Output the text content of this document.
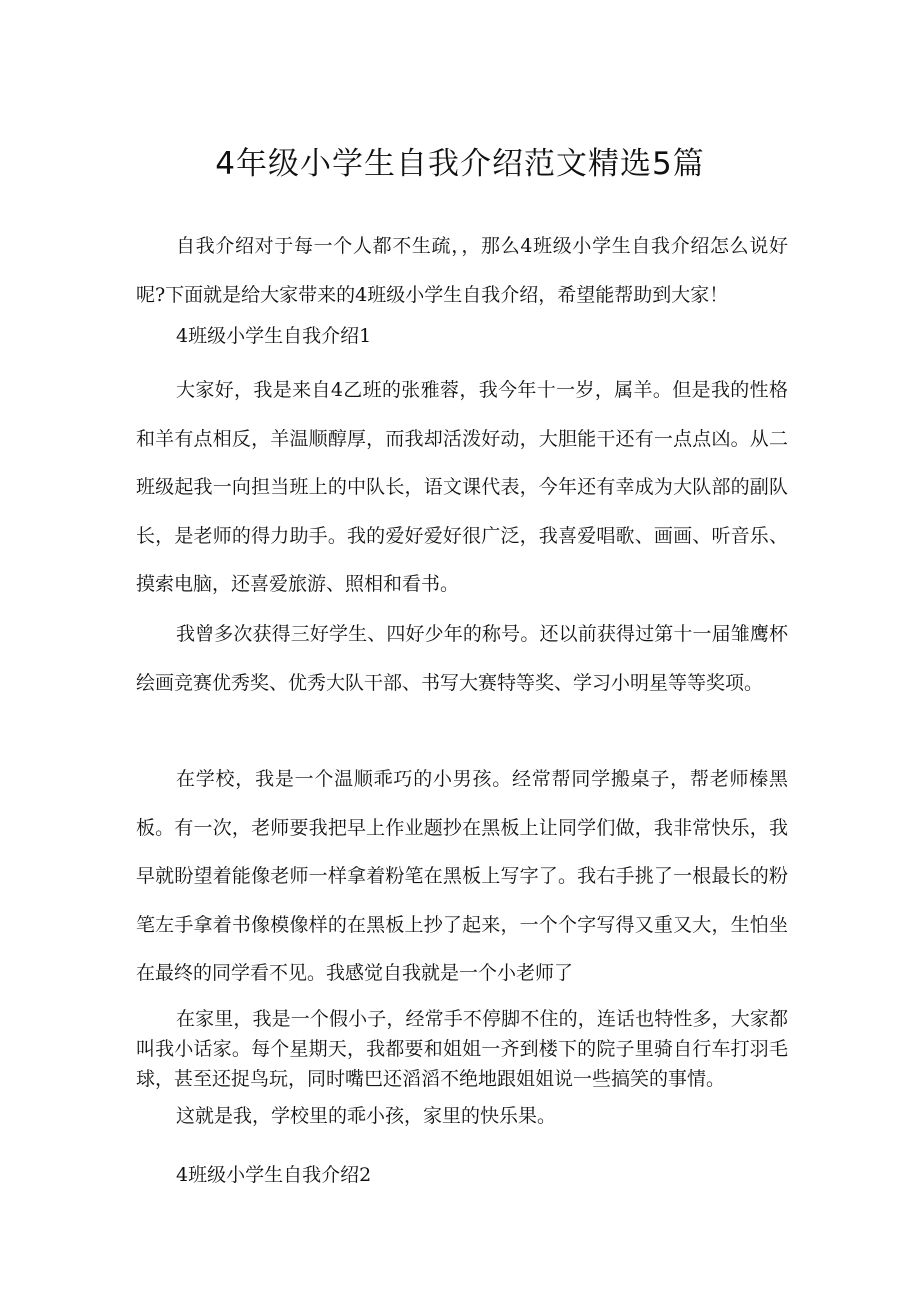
4年级小学生自我介绍范文精选5篇

自我介绍对于每一个人都不生疏，，那么4班级小学生自我介绍怎么说好呢?下面就是给大家带来的4班级小学生自我介绍，希望能帮助到大家！

4班级小学生自我介绍1

大家好，我是来自4乙班的张雅蓉，我今年十一岁，属羊。但是我的性格和羊有点相反，羊温顺醇厚，而我却活泼好动，大胆能干还有一点点凶。从二班级起我一向担当班上的中队长，语文课代表，今年还有幸成为大队部的副队长，是老师的得力助手。我的爱好爱好很广泛，我喜爱唱歌、画画、听音乐、摸索电脑，还喜爱旅游、照相和看书。

我曾多次获得三好学生、四好少年的称号。还以前获得过第十一届雏鹰杯绘画竞赛优秀奖、优秀大队干部、书写大赛特等奖、学习小明星等等奖项。

在学校，我是一个温顺乖巧的小男孩。经常帮同学搬桌子，帮老师榛黑板。有一次，老师要我把早上作业题抄在黑板上让同学们做，我非常快乐，我早就盼望着能像老师一样拿着粉笔在黑板上写字了。我右手挑了一根最长的粉笔左手拿着书像模像样的在黑板上抄了起来，一个个字写得又重又大，生怕坐在最终的同学看不见。我感觉自我就是一个小老师了

在家里，我是一个假小子，经常手不停脚不住的，连话也特性多，大家都叫我小话家。每个星期天，我都要和姐姐一齐到楼下的院子里骑自行车打羽毛球，甚至还捉鸟玩，同时嘴巴还滔滔不绝地跟姐姐说一些搞笑的事情。

这就是我，学校里的乖小孩，家里的快乐果。

4班级小学生自我介绍2
